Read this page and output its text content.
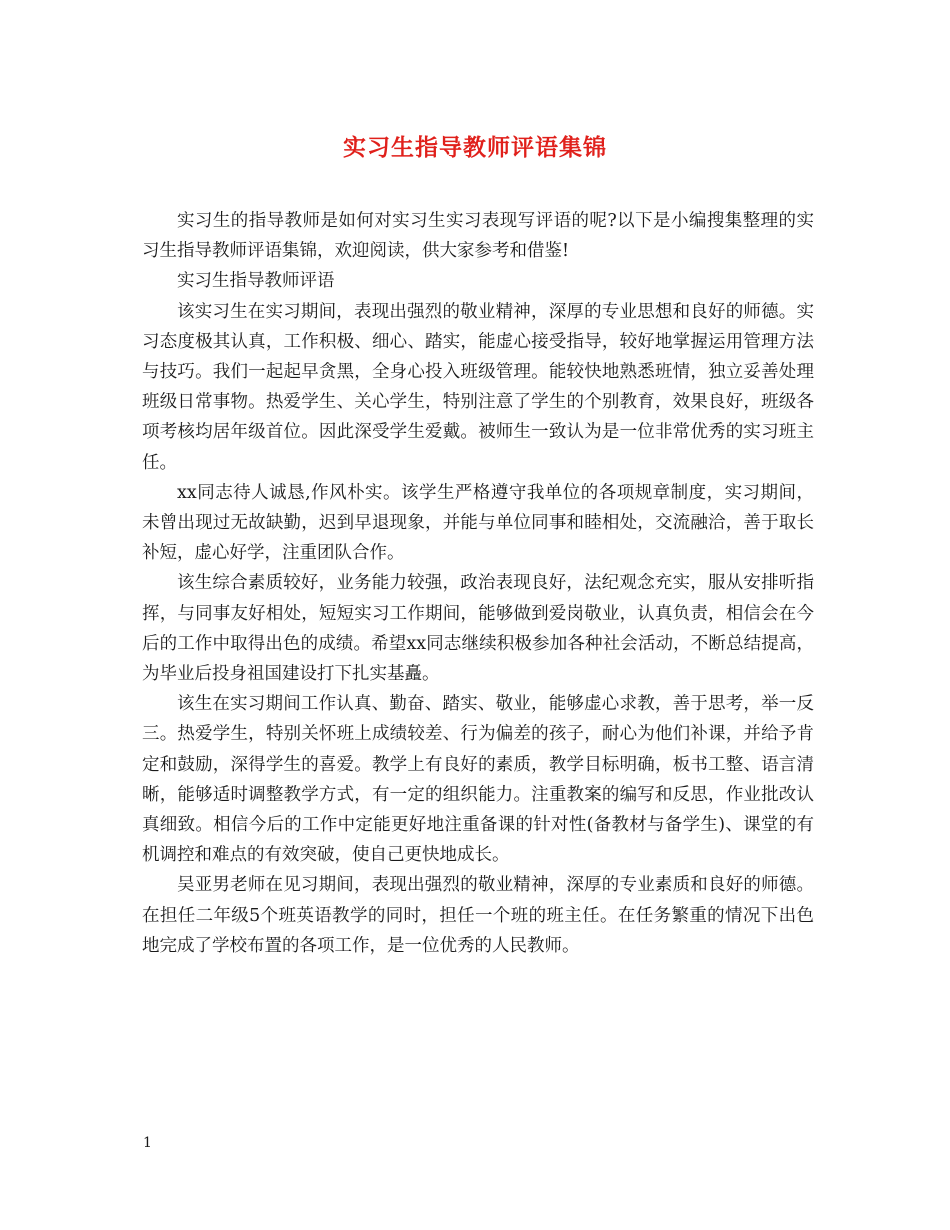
实习生指导教师评语集锦

实习生的指导教师是如何对实习生实习表现写评语的呢?以下是小编搜集整理的实习生指导教师评语集锦，欢迎阅读，供大家参考和借鉴!

实习生指导教师评语

该实习生在实习期间，表现出强烈的敬业精神，深厚的专业思想和良好的师德。实习态度极其认真，工作积极、细心、踏实，能虚心接受指导，较好地掌握运用管理方法与技巧。我们一起起早贪黑，全身心投入班级管理。能较快地熟悉班情，独立妥善处理班级日常事物。热爱学生、关心学生，特别注意了学生的个别教育，效果良好，班级各项考核均居年级首位。因此深受学生爱戴。被师生一致认为是一位非常优秀的实习班主任。

xx同志待人诚恳,作风朴实。该学生严格遵守我单位的各项规章制度，实习期间，未曾出现过无故缺勤，迟到早退现象，并能与单位同事和睦相处，交流融洽，善于取长补短，虚心好学，注重团队合作。

该生综合素质较好，业务能力较强，政治表现良好，法纪观念充实，服从安排听指挥，与同事友好相处，短短实习工作期间，能够做到爱岗敬业，认真负责，相信会在今后的工作中取得出色的成绩。希望xx同志继续积极参加各种社会活动，不断总结提高，为毕业后投身祖国建设打下扎实基矗。

该生在实习期间工作认真、勤奋、踏实、敬业，能够虚心求教，善于思考，举一反三。热爱学生，特别关怀班上成绩较差、行为偏差的孩子，耐心为他们补课，并给予肯定和鼓励，深得学生的喜爱。教学上有良好的素质，教学目标明确，板书工整、语言清晰，能够适时调整教学方式，有一定的组织能力。注重教案的编写和反思，作业批改认真细致。相信今后的工作中定能更好地注重备课的针对性(备教材与备学生)、课堂的有机调控和难点的有效突破，使自己更快地成长。

吴亚男老师在见习期间，表现出强烈的敬业精神，深厚的专业素质和良好的师德。在担任二年级5个班英语教学的同时，担任一个班的班主任。在任务繁重的情况下出色地完成了学校布置的各项工作，是一位优秀的人民教师。

1
